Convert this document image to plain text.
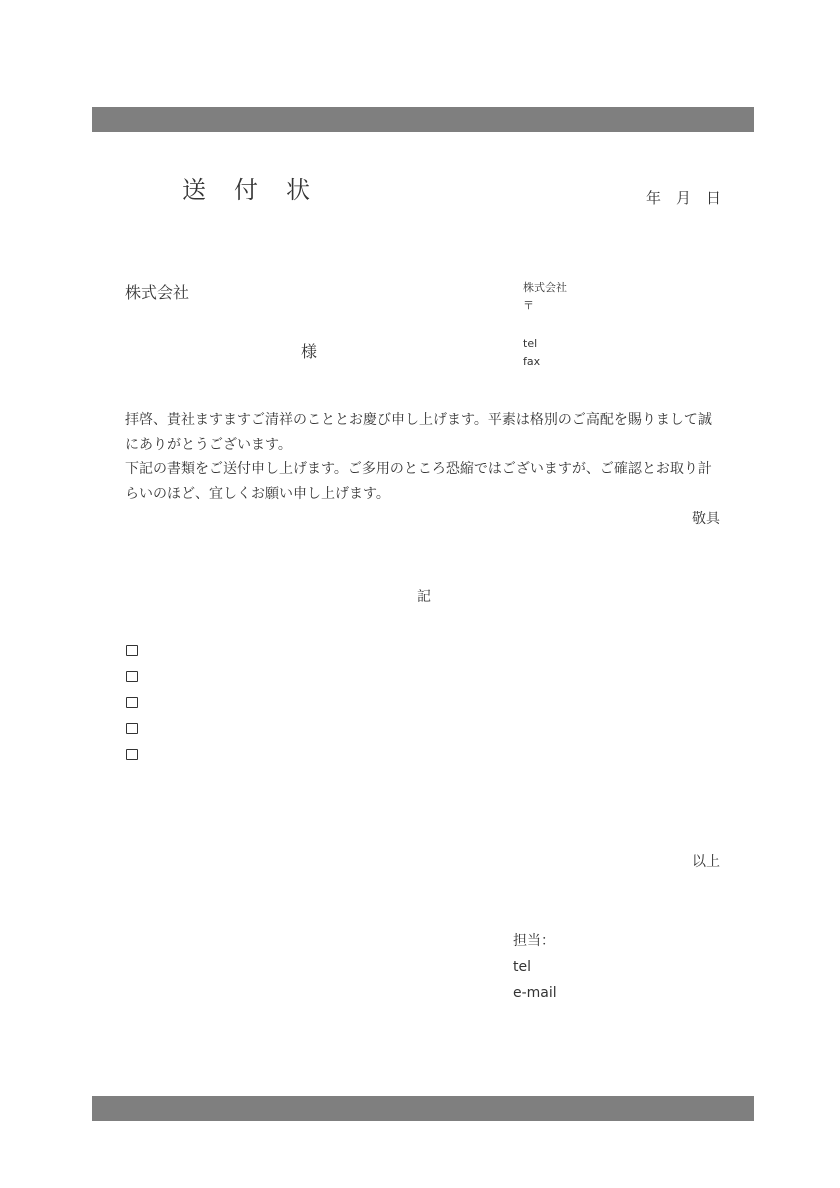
送　付　状	年　月　日
株式会社
様
株式会社
〒
tel
fax

拝啓、貴社ますますご清祥のこととお慶び申し上げます。平素は格別のご高配を賜りまして誠にありがとうございます。

下記の書類をご送付申し上げます。ご多用のところ恐縮ではございますが、ご確認とお取り計らいのほど、宜しくお願い申し上げます。

敬具
記
以上
担当：
tel
e-mail
